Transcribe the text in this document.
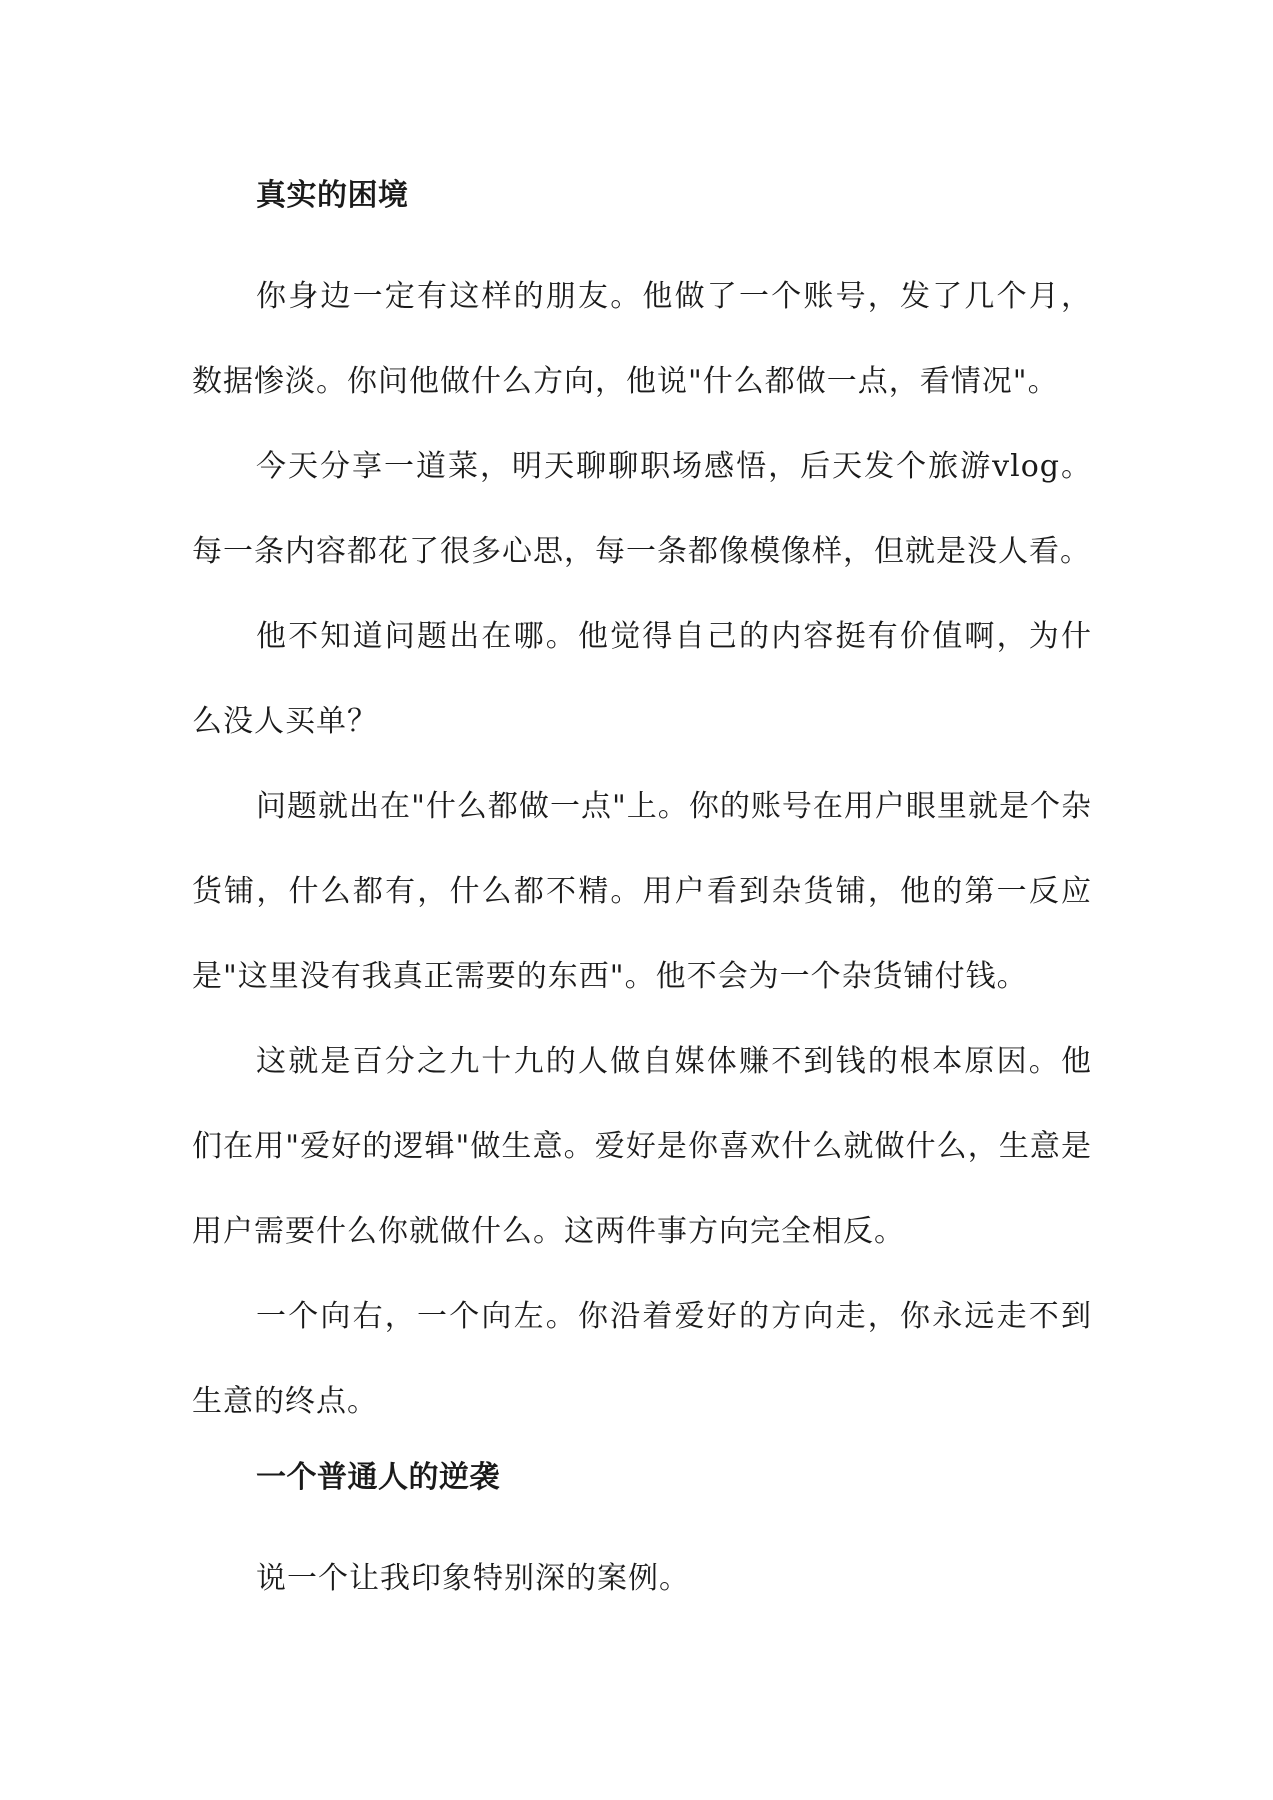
真实的困境

你身边一定有这样的朋友。他做了一个账号，发了几个月，数据惨淡。你问他做什么方向，他说"什么都做一点，看情况"。

今天分享一道菜，明天聊聊职场感悟，后天发个旅游vlog。每一条内容都花了很多心思，每一条都像模像样，但就是没人看。

他不知道问题出在哪。他觉得自己的内容挺有价值啊，为什么没人买单？

问题就出在"什么都做一点"上。你的账号在用户眼里就是个杂货铺，什么都有，什么都不精。用户看到杂货铺，他的第一反应是"这里没有我真正需要的东西"。他不会为一个杂货铺付钱。

这就是百分之九十九的人做自媒体赚不到钱的根本原因。他们在用"爱好的逻辑"做生意。爱好是你喜欢什么就做什么，生意是用户需要什么你就做什么。这两件事方向完全相反。

一个向右，一个向左。你沿着爱好的方向走，你永远走不到生意的终点。

一个普通人的逆袭

说一个让我印象特别深的案例。
